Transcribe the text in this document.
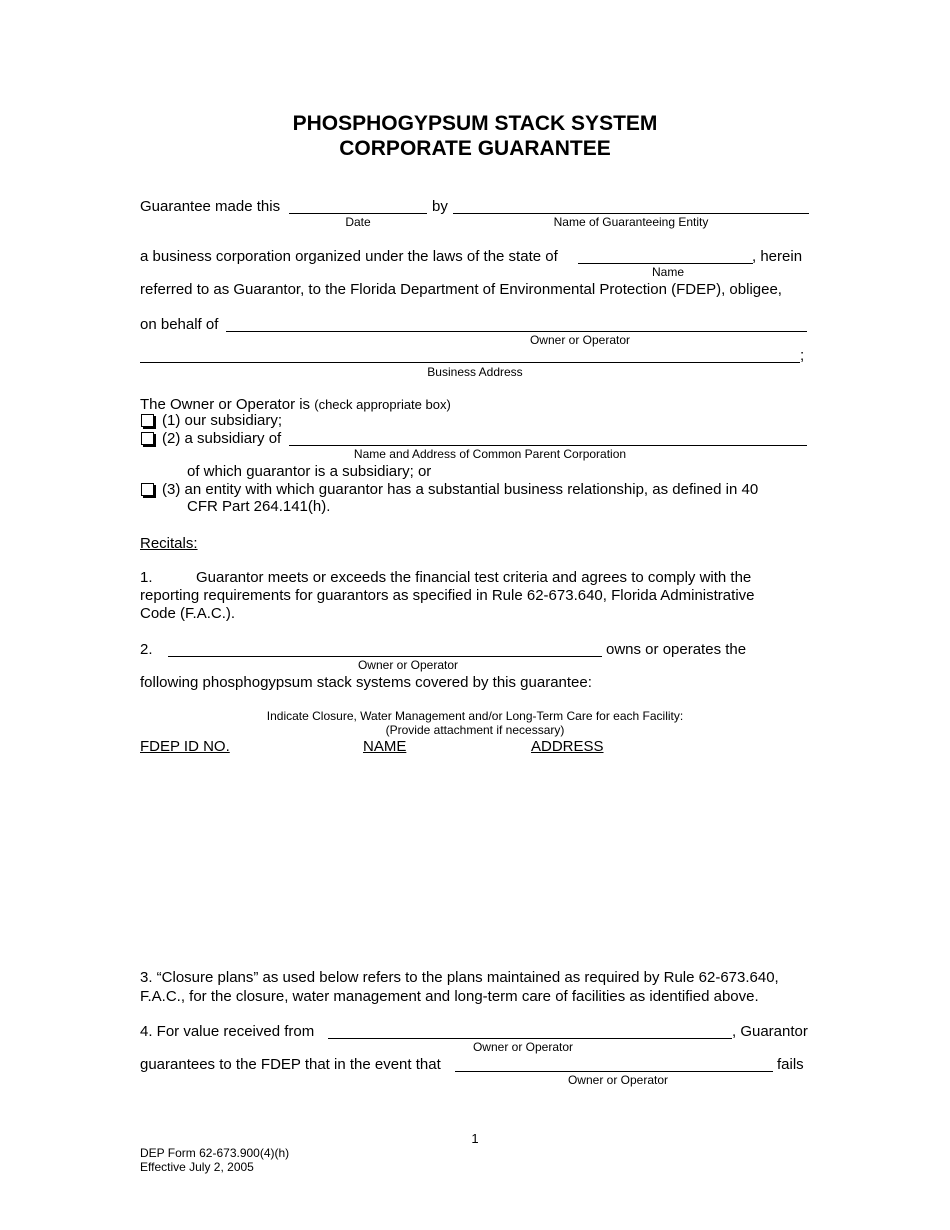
PHOSPHOGYPSUM STACK SYSTEM
CORPORATE GUARANTEE
Guarantee made this
Date
by
Name of Guaranteeing Entity
a business corporation organized under the laws of the state of	, herein
Name
referred to as Guarantor, to the Florida Department of Environmental Protection (FDEP), obligee,
on behalf of
Owner or Operator
;
Business Address
The Owner or Operator is (check appropriate box)
(1) our subsidiary;
(2) a subsidiary of
Name and Address of Common Parent Corporation
of which guarantor is a subsidiary; or
(3) an entity with which guarantor has a substantial business relationship, as defined in 40
CFR Part 264.141(h).
Recitals:
1.	Guarantor meets or exceeds the financial test criteria and agrees to comply with the
reporting requirements for guarantors as specified in Rule 62-673.640, Florida Administrative
Code (F.A.C.).
2.	owns or operates the
Owner or Operator
following phosphogypsum stack systems covered by this guarantee:
Indicate Closure, Water Management and/or Long-Term Care for each Facility:
(Provide attachment if necessary)
FDEP ID NO.	NAME	ADDRESS
3. “Closure plans” as used below refers to the plans maintained as required by Rule 62-673.640,
F.A.C., for the closure, water management and long-term care of facilities as identified above.
4. For value received from	, Guarantor
Owner or Operator
guarantees to the FDEP that in the event that	fails
Owner or Operator
1
DEP Form 62-673.900(4)(h)
Effective July 2, 2005
